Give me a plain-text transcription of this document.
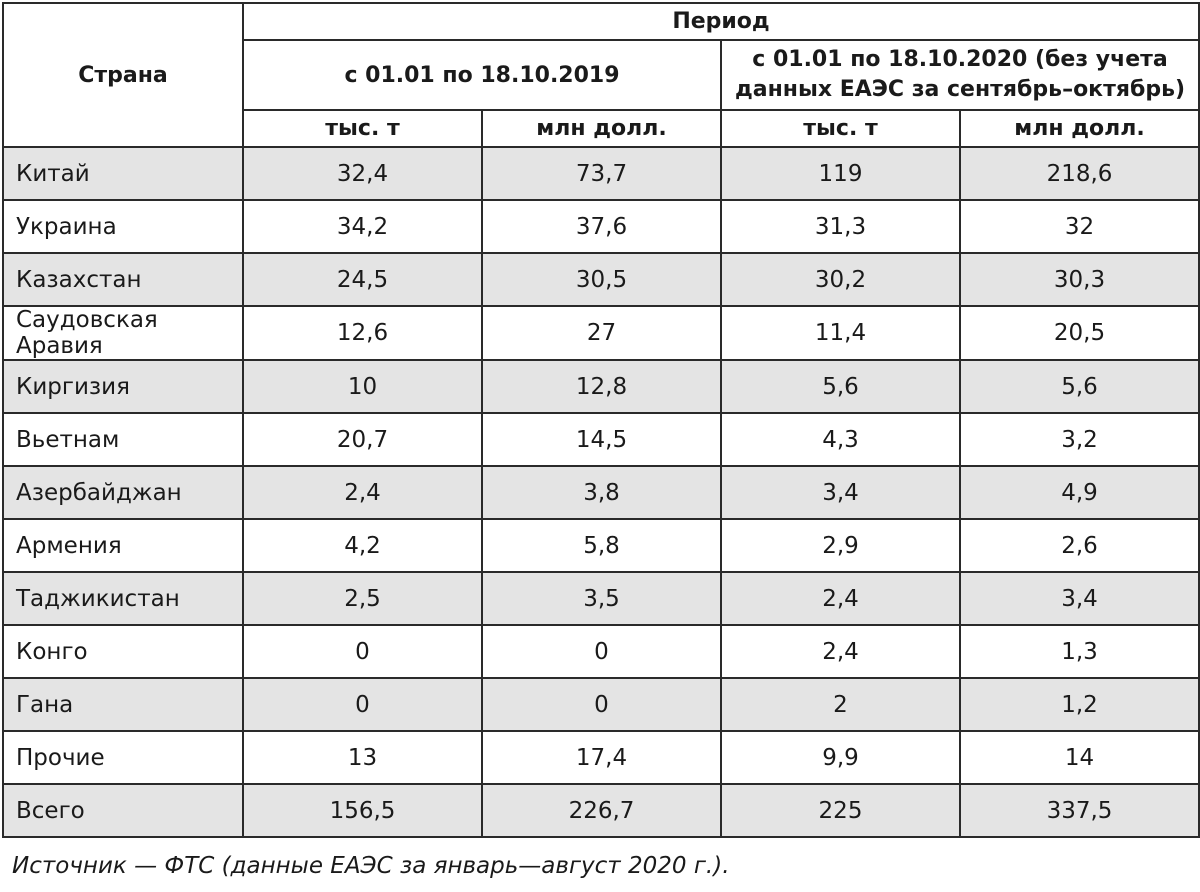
Страна	Период			
	с 01.01 по 18.10.2019		с 01.01 по 18.10.2020 (без учета данных ЕАЭС за сентябрь–октябрь)	
	тыс. т	млн долл.	тыс. т	млн долл.
Китай	32,4	73,7	119	218,6
Украина	34,2	37,6	31,3	32
Казахстан	24,5	30,5	30,2	30,3
Саудовская Аравия	12,6	27	11,4	20,5
Киргизия	10	12,8	5,6	5,6
Вьетнам	20,7	14,5	4,3	3,2
Азербайджан	2,4	3,8	3,4	4,9
Армения	4,2	5,8	2,9	2,6
Таджикистан	2,5	3,5	2,4	3,4
Конго	0	0	2,4	1,3
Гана	0	0	2	1,2
Прочие	13	17,4	9,9	14
Всего	156,5	226,7	225	337,5
Источник — ФТС (данные ЕАЭС за январь—август 2020 г.).
